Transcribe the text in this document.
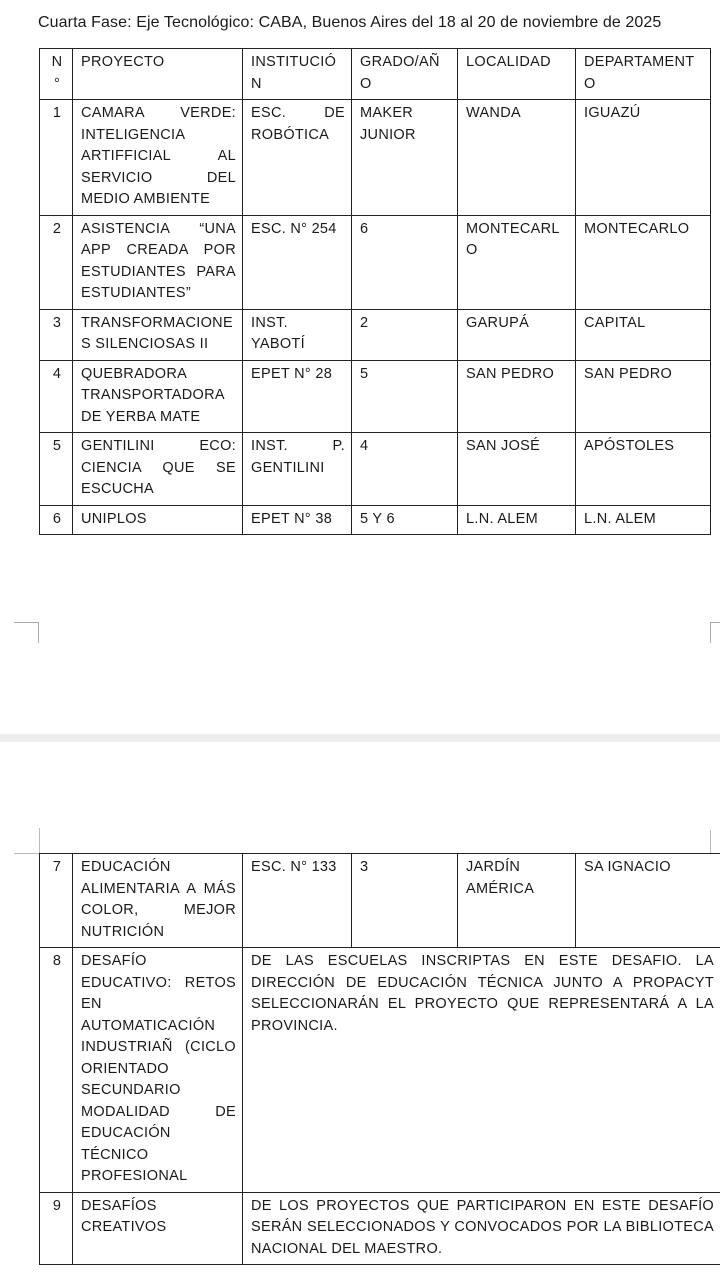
Cuarta Fase: Eje Tecnológico: CABA, Buenos Aires del 18 al 20 de noviembre de 2025
N °	PROYECTO	INSTITUCIÓN	GRADO/AÑO	LOCALIDAD	DEPARTAMENTO
1	CAMARA VERDE: INTELIGENCIA ARTIFFICIAL AL SERVICIO DEL MEDIO AMBIENTE	ESC. DE ROBÓTICA	MAKER JUNIOR	WANDA	IGUAZÚ
2	ASISTENCIA “UNA APP CREADA POR ESTUDIANTES PARA ESTUDIANTES”	ESC. N° 254	6	MONTECARLO	MONTECARLO
3	TRANSFORMACIONES SILENCIOSAS II	INST. YABOTÍ	2	GARUPÁ	CAPITAL
4	QUEBRADORA TRANSPORTADORA DE YERBA MATE	EPET N° 28	5	SAN PEDRO	SAN PEDRO
5	GENTILINI ECO: CIENCIA QUE SE ESCUCHA	INST. P. GENTILINI	4	SAN JOSÉ	APÓSTOLES
6	UNIPLOS	EPET N° 38	5 Y 6	L.N. ALEM	L.N. ALEM
7	EDUCACIÓN ALIMENTARIA A MÁS COLOR, MEJOR NUTRICIÓN	ESC. N° 133	3	JARDÍN AMÉRICA	SA IGNACIO
8	DESAFÍO EDUCATIVO: RETOS EN AUTOMATICACIÓN INDUSTRIAÑ (CICLO ORIENTADO SECUNDARIO MODALIDAD DE EDUCACIÓN TÉCNICO PROFESIONAL	DE LAS ESCUELAS INSCRIPTAS EN ESTE DESAFIO. LA DIRECCIÓN DE EDUCACIÓN TÉCNICA JUNTO A PROPACYT SELECCIONARÁN EL PROYECTO QUE REPRESENTARÁ A LA PROVINCIA.			
9	DESAFÍOS CREATIVOS	DE LOS PROYECTOS QUE PARTICIPARON EN ESTE DESAFÍO SERÁN SELECCIONADOS Y CONVOCADOS POR LA BIBLIOTECA NACIONAL DEL MAESTRO.			
